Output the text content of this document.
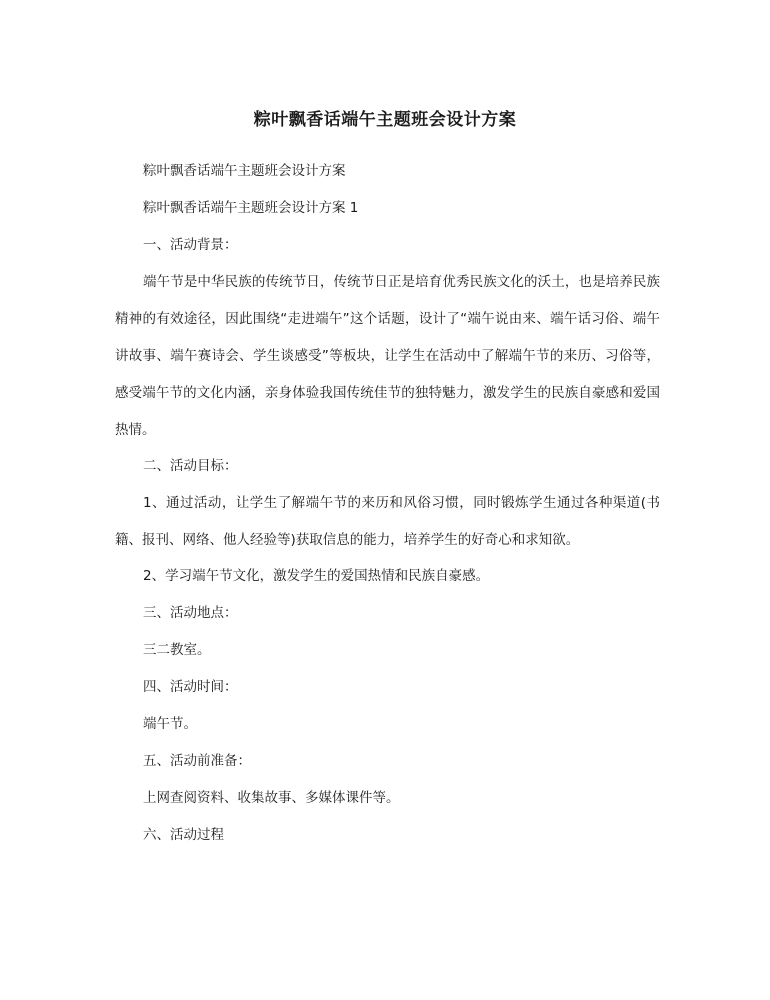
粽叶飘香话端午主题班会设计方案

粽叶飘香话端午主题班会设计方案

粽叶飘香话端午主题班会设计方案 1

一、活动背景：

端午节是中华民族的传统节日，传统节日正是培育优秀民族文化的沃土，也是培养民族精神的有效途径，因此围绕“走进端午”这个话题，设计了“端午说由来、端午话习俗、端午讲故事、端午赛诗会、学生谈感受”等板块，让学生在活动中了解端午节的来历、习俗等，感受端午节的文化内涵，亲身体验我国传统佳节的独特魅力，激发学生的民族自豪感和爱国热情。

二、活动目标：

1、通过活动，让学生了解端午节的来历和风俗习惯，同时锻炼学生通过各种渠道(书籍、报刊、网络、他人经验等)获取信息的能力，培养学生的好奇心和求知欲。

2、学习端午节文化，激发学生的爱国热情和民族自豪感。

三、活动地点：

三二教室。

四、活动时间：

端午节。

五、活动前准备：

上网查阅资料、收集故事、多媒体课件等。

六、活动过程
